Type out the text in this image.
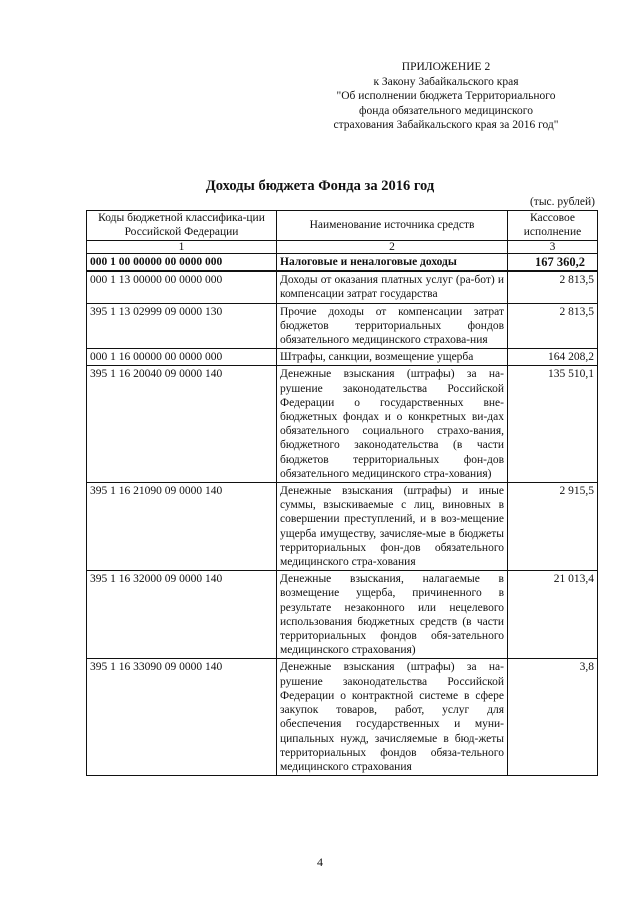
ПРИЛОЖЕНИЕ 2
к Закону Забайкальского края
"Об исполнении бюджета Территориального
фонда обязательного медицинского
страхования Забайкальского края за 2016 год"
Доходы бюджета Фонда за 2016 год
(тыс. рублей)
Коды бюджетной классифика-ции Российской Федерации	Наименование источника средств	Кассовое исполнение
1	2	3
000 1 00 00000 00 0000 000	Налоговые и неналоговые доходы	167 360,2
000 1 13 00000 00 0000 000	Доходы от оказания платных услуг (ра-бот) и компенсации затрат государства	2 813,5
395 1 13 02999 09 0000 130	Прочие доходы от компенсации затрат бюджетов территориальных фондов обязательного медицинского страхова-ния	2 813,5
000 1 16 00000 00 0000 000	Штрафы, санкции, возмещение ущерба	164 208,2
395 1 16 20040 09 0000 140	Денежные взыскания (штрафы) за на-рушение законодательства Российской Федерации о государственных вне-бюджетных фондах и о конкретных ви-дах обязательного социального страхо-вания, бюджетного законодательства (в части бюджетов территориальных фон-дов обязательного медицинского стра-хования)	135 510,1
395 1 16 21090 09 0000 140	Денежные взыскания (штрафы) и иные суммы, взыскиваемые с лиц, виновных в совершении преступлений, и в воз-мещение ущерба имуществу, зачисляе-мые в бюджеты территориальных фон-дов обязательного медицинского стра-хования	2 915,5
395 1 16 32000 09 0000 140	Денежные взыскания, налагаемые в возмещение ущерба, причиненного в результате незаконного или нецелевого использования бюджетных средств (в части территориальных фондов обя-зательного медицинского страхования)	21 013,4
395 1 16 33090 09 0000 140	Денежные взыскания (штрафы) за на-рушение законодательства Российской Федерации о контрактной системе в сфере закупок товаров, работ, услуг для обеспечения государственных и муни-ципальных нужд, зачисляемые в бюд-жеты территориальных фондов обяза-тельного медицинского страхования	3,8
4
